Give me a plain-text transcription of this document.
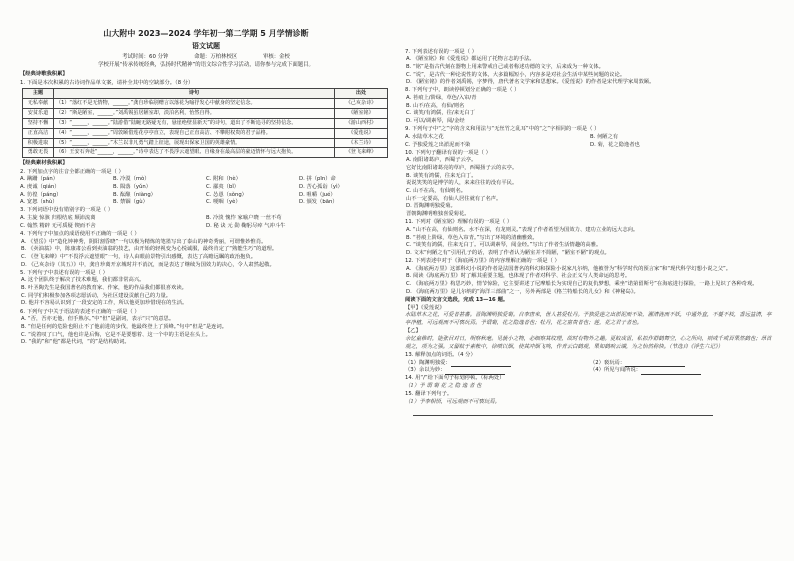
山大附中 2023—2024 学年初一第二学期 5 月学情诊断
语文试题
考试时间：60 分钟	命题：万柏林校区	审核：金校
学校开展“传承传统经典，弘扬时代精神”的语文综合性学习活动，请你参与完成下面题目。
【经典诗歌我积累】

1. 下面是本次积累的古诗词作品单文案，请补全其中的空缺部分。（8 分）

主题	诗句	出处
无私奉献	（1）“落红不是无情物，______。”龚自珍临别赠言以落花为喻抒发心中献身的坚定信念。	《己亥杂诗》
安贫乐道	（2）“斯是陋室，______。”刘禹锡虽居陋室却，淡泊名利，怡然自得。	《陋室铭》
坚持不懈	（3）“______，______。”陆游借“陆蜿无路疑无有，悬崖绝壁显新天”的诗句，道出了不断追寻的坚持信念。	《游山西村》
正直高洁	（4）“______，______。”周敦颐借莲花亭亭直立，表现自己正直高洁、不攀附权贵的君子品格。	《爱莲说》
积极进取	（5）“______，______。”木兰以非凡勇气踏上征途，展现出保家卫国的英雄豪情。	《木兰诗》
勇敢无畏	（6）王安石奔赴“______，______。”诗中表达了不畏浮云遮望眼、自缘身在最高层的豪迈情怀与远大抱负。	《登飞来峰》
【经典素材我积累】

2. 下列加点字的注音全都正确的一项是（ ）

A. 蹒跚（pán）	B. 冷漠（mò）	C. 附和（hè）	D. 拼（pīn）命
A. 虔诚（qián）	B. 陨落（yǔn）	C. 鄙夷（bǐ）	D. 苦心孤诣（yì）
A. 彷徨（páng）	B. 酝酿（niàng）	C. 怂恿（sǒng）	D. 咀嚼（jué）
A. 宽恕（shù）	B. 禁锢（gù）	C. 哽咽（yè）	D. 颁发（bān）

3. 下列词语中没有错别字的一项是（ ）

A. 主旋 惊骇 归根结底 颠沛流离	B. 冷淡 愧怍 家喻户晓 一丝不苟
C. 翰然 精辟 无可质疑 锲而不舍	D. 秘 诀 元 勋 鞠躬尽瘁 气冲斗牛

4. 下列句子中加点的成语使用不正确的一项是（ ）

A. 《望岳》中“造化钟神秀，阴阳割昏晓”一句以极为精炼的笔墨写出了泰山的神奇秀丽，可谓惟妙惟肖。

B. 《卖油翁》中，陈康肃公看到卖油翁的技艺，由开始的轻视变为心悦诚服，最终肯定了“熟能生巧”的道理。

C. 《登飞来峰》中“不畏浮云遮望眼”一句，诗人由眼前景物引出感慨，表达了高瞻远瞩的政治抱负。

D. 《己亥杂诗（其五）》中，龚自珍离开京城时并不消沉，而是表达了继续为国效力的决心，令人肃然起敬。

5. 下列句子中表述有误的一项是（ ）

A. 这个团队终于解决了技术难题，我们都非常高兴。

B. 叶圣陶先生是我国著名的教育家、作家，他的作品我们都很喜欢读。

C. 同学们积极参加各项志愿活动，为社区建设贡献自己的力量。

D. 他并不容易认识到了一段安定的工作，所以他更加珍惜现在的生活。

6. 下列句子中关于语法的表述不正确的一项是（ ）

A. “否，吾亦无他，但手熟尔。”中“但”是副词，表示“只”的意思。

B. “但是任何的危险也阻止不了他前进的步伐，他最终登上了顶峰。”句中“但是”是连词。

C. “说着叹了口气，他也许是后悔，它是不是要想着、这一个中的主语是在头上。

D. “我的”和“他”都是代词，“的”是结构助词。

7. 下列表述有误的一项是（ ）

A. 《陋室铭》和《爱莲说》都运用了托物言志的手法。

B. “铭”是指古代刻在器物上用来警戒自己或者称述功德的文字，后来成为一种文体。

C. “说”，是古代一种论说性的文体，大多篇幅短小，内容多是对社会生活中某些问题的议论。

D. 《陋室铭》的作者刘禹锡，字梦得，唐代著名文学家和思想家。《爱莲说》的作者是宋代理学家周敦颐。

8. 下列句子中，朗读停顿划分正确的一项是（ ）

A. 苔痕上/阶绿，草色/入帘/青

B. 山不/在高，有仙/则名

C. 谈笑/有鸿儒，往/来无白丁

D. 可以/调素琴，阅/金经

9. 下列句子中“之”字的含义和用法与“无丝竹之乱耳”中的“之”字相同的一项是（ ）

A. 水陆草木之花	B. 何陋之有
C. 予独爱莲之出淤泥而不染	D. 菊，花之隐逸者也

10. 下列句子翻译有误的一项是（ ）

A. 南阳诸葛庐，西蜀子云亭。

它好比南阳诸葛亮的草庐，西蜀扬子云的玄亭。

B. 谈笑有鸿儒，往来无白丁。

说说笑笑的是博学的人，来来往往的没有平民。

C. 山不在高，有仙则名。

山不一定要高，有仙人居住就有了名声。

D. 晋陶渊明独爱菊。

晋朝陶渊明唯独喜爱菊花。

11. 下列对《陋室铭》理解有误的一项是（ ）

A. “山不在高，有仙则名。水不在深，有龙则灵。”表现了作者希望为国效力、建功立业的远大志向。

B. “苔痕上阶绿，草色入帘青。”写出了环境的清幽雅致。

C. “谈笑有鸿儒，往来无白丁。可以调素琴，阅金经。”写出了作者生活情趣的高雅。

D. 文末“何陋之有”引用孔子的话，表明了作者认为陋室并不简陋，“陋室不陋”的观点。

12. 下列表述中对于《海底两万里》的内容理解正确的一项是（ ）

A. 《海底两万里》这部科幻小说的作者是法国著名的科幻和探险小说家凡尔纳，他被誉为“科学时代的预言家”和“现代科学幻想小说之父”。

B. 阅读《海底两万里》时了解其重要主题，也体现了作者对科学、社会正义与人类命运的思考。

C. 《海底两万里》构思巧妙，情节惊险，它主要讲述了尼摩船长为实现自己的复仇梦想，乘坐“诺第留斯号”在海底进行探险，一路上见识了各种奇观。

D. 《海底两万里》是儿尔纳的“海洋三部曲”之一，另外两部是《格兰特船长的儿女》和《神秘岛》。

阅读下面的文言文选段，完成 13—16 题。

【甲】《爱莲说》

水陆草木之花，可爱者甚蕃。晋陶渊明独爱菊。自李唐来，世人甚爱牡丹。予独爱莲之出淤泥而不染，濯清涟而不妖，中通外直，不蔓不枝，香远益清，亭亭净植，可远观而不可亵玩焉。予谓菊，花之隐逸者也；牡丹，花之富贵者也；莲，花之君子者也。

【乙】

余忆童稚时，能张目对日，明察秋毫。见藐小之物，必细察其纹理，故时有物外之趣。夏蚊成雷，私拟作群鹤舞空，心之所向，则或千或百果然鹤也；昂首观之，项为之强。又留蚊于素帐中，徐喷以烟，使其冲烟飞鸣，作青云白鹤观，果如鹤唳云端，为之怡然称快。（节选自《浮生六记》）

13. 解释加点的词语。（4 分）

（1）陶渊明独爱：	（2）亵玩焉：
（3）余以为妙：	（4）所见与闻所说：

14. 用“/”给下面句子标划停顿。（标两处）

（1）予 谓 菊 花 之 隐 逸 者 也

15. 翻译下列句子。

（1）予李相悟，可远观而不可亵玩焉。
